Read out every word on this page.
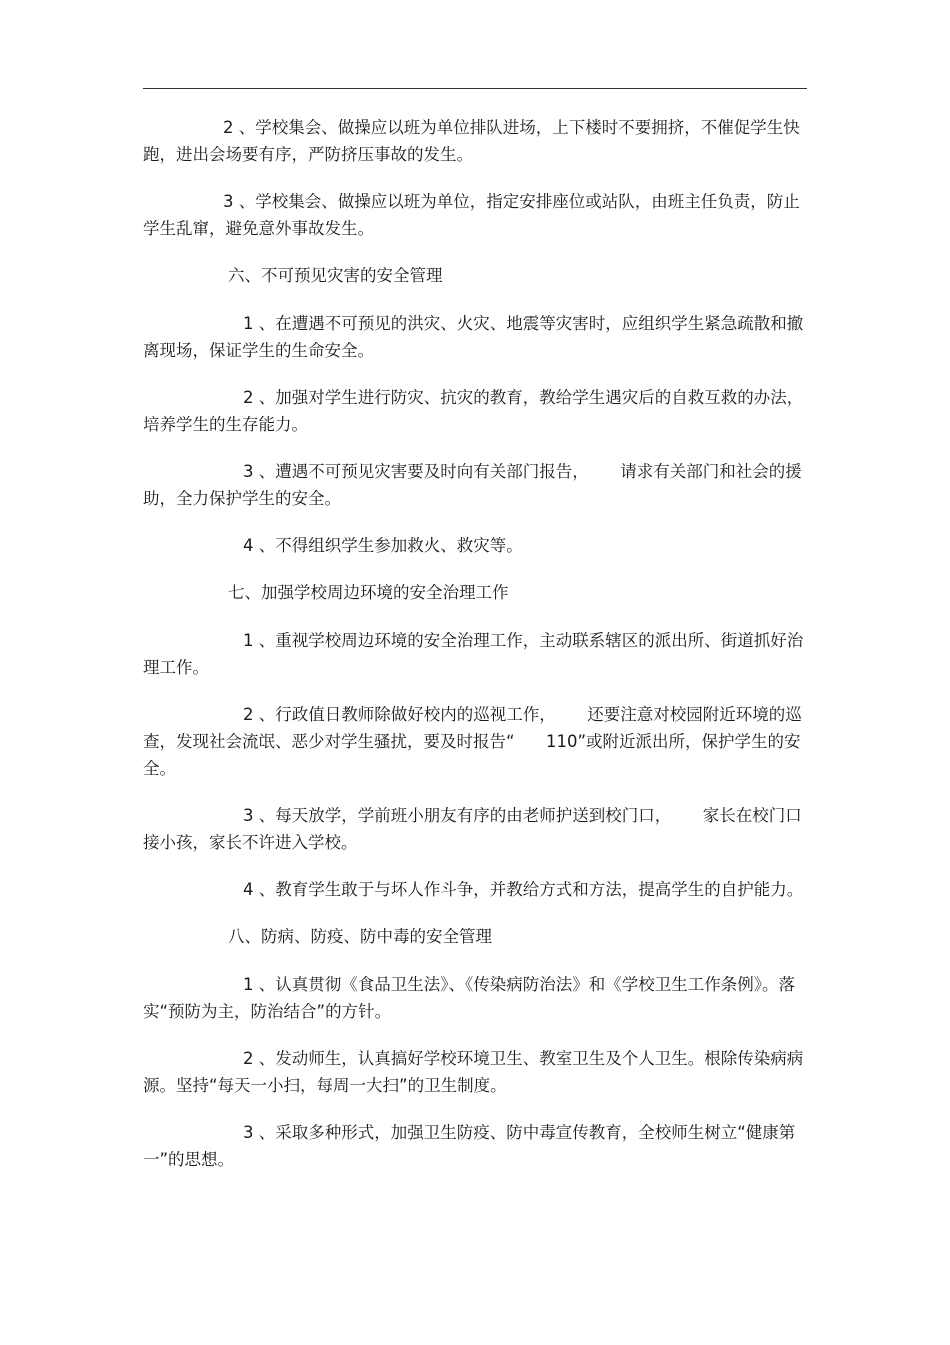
2 、学校集会、做操应以班为单位排队进场，上下楼时不要拥挤，不催促学生快跑，进出会场要有序，严防挤压事故的发生。

3 、学校集会、做操应以班为单位，指定安排座位或站队，由班主任负责，防止学生乱窜，避免意外事故发生。

六、不可预见灾害的安全管理

1 、在遭遇不可预见的洪灾、火灾、地震等灾害时，应组织学生紧急疏散和撤离现场，保证学生的生命安全。

2 、加强对学生进行防灾、抗灾的教育，教给学生遇灾后的自救互救的办法，培养学生的生存能力。

3 、遭遇不可预见灾害要及时向有关部门报告，      请求有关部门和社会的援助，全力保护学生的安全。

4 、不得组织学生参加救火、救灾等。

七、加强学校周边环境的安全治理工作

1 、重视学校周边环境的安全治理工作，主动联系辖区的派出所、街道抓好治理工作。

2 、行政值日教师除做好校内的巡视工作，      还要注意对校园附近环境的巡查，发现社会流氓、恶少对学生骚扰，要及时报告“      110”或附近派出所，保护学生的安全。

3 、每天放学，学前班小朋友有序的由老师护送到校门口，      家长在校门口接小孩，家长不许进入学校。

4 、教育学生敢于与坏人作斗争，并教给方式和方法，提高学生的自护能力。

八、防病、防疫、防中毒的安全管理

1 、认真贯彻《食品卫生法》、《传染病防治法》和《学校卫生工作条例》。落实“预防为主，防治结合”的方针。

2 、发动师生，认真搞好学校环境卫生、教室卫生及个人卫生。根除传染病病源。坚持“每天一小扫，每周一大扫”的卫生制度。

3 、采取多种形式，加强卫生防疫、防中毒宣传教育，全校师生树立“健康第一”的思想。
